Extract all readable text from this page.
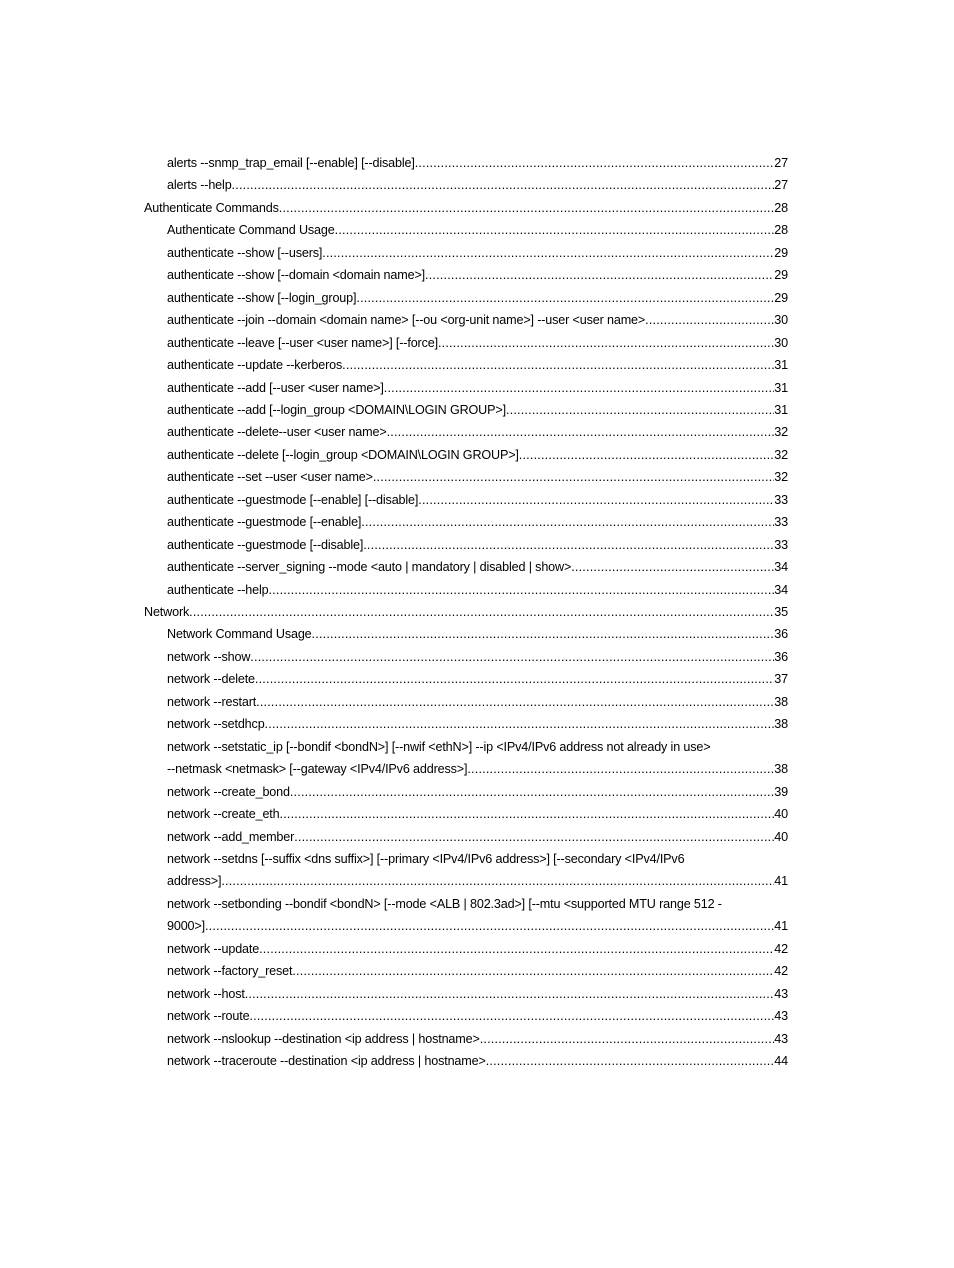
alerts --snmp_trap_email [--enable] [--disable] .....	27
alerts --help .....	27
Authenticate Commands .....	28
Authenticate Command Usage .....	28
authenticate --show [--users] .....	29
authenticate --show [--domain <domain name>] .....	29
authenticate --show [--login_group] .....	29
authenticate --join --domain <domain name> [--ou <org-unit name>] --user <user name> .....	30
authenticate --leave [--user <user name>] [--force] .....	30
authenticate --update --kerberos .....	31
authenticate --add [--user <user name>] .....	31
authenticate --add [--login_group <DOMAIN\LOGIN GROUP>] .....	31
authenticate --delete--user <user name> .....	32
authenticate --delete [--login_group <DOMAIN\LOGIN GROUP>] .....	32
authenticate --set --user <user name> .....	32
authenticate --guestmode [--enable] [--disable] .....	33
authenticate --guestmode [--enable] .....	33
authenticate --guestmode [--disable] .....	33
authenticate --server_signing --mode <auto | mandatory | disabled | show> .....	34
authenticate --help .....	34
Network .....	35
Network Command Usage .....	36
network --show .....	36
network --delete .....	37
network --restart .....	38
network --setdhcp .....	38
network --setstatic_ip [--bondif <bondN>] [--nwif <ethN>] --ip <IPv4/IPv6 address not already in use>
--netmask <netmask> [--gateway <IPv4/IPv6 address>] .....	38
network --create_bond .....	39
network --create_eth .....	40
network --add_member .....	40
network --setdns [--suffix <dns suffix>] [--primary <IPv4/IPv6 address>] [--secondary <IPv4/IPv6
address>] .....	41
network --setbonding --bondif <bondN> [--mode <ALB | 802.3ad>] [--mtu <supported MTU range 512 -
9000>] .....	41
network --update .....	42
network --factory_reset .....	42
network --host .....	43
network --route .....	43
network --nslookup --destination <ip address | hostname> .....	43
network --traceroute --destination <ip address | hostname> .....	44
